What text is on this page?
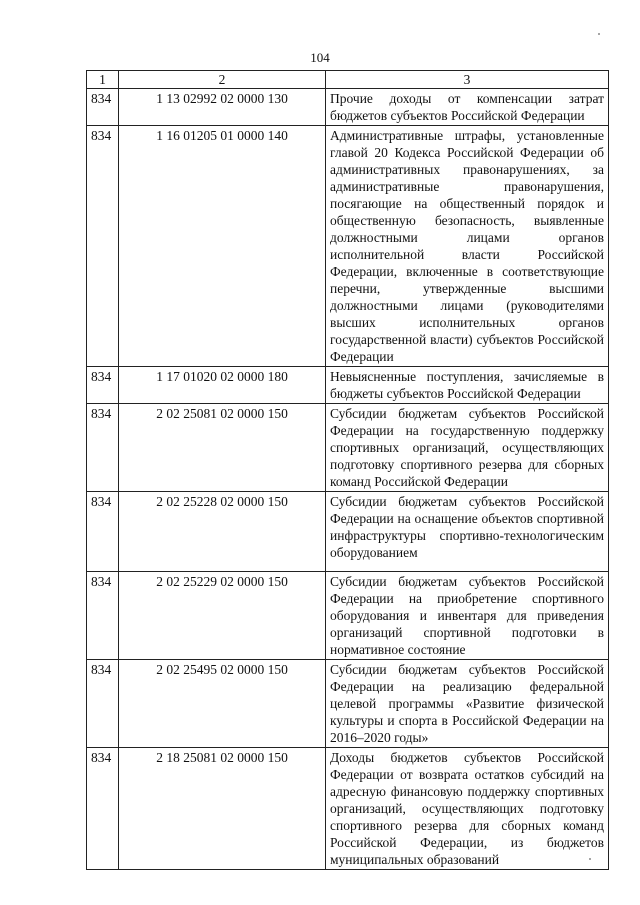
104
1	2	3
834	1 13 02992 02 0000 130	Прочие доходы от компенсации затрат бюджетов субъектов Российской Федерации
834	1 16 01205 01 0000 140	Административные штрафы, установленные главой 20 Кодекса Российской Федерации об административных правонарушениях, за административные правонарушения, посягающие на общественный порядок и общественную безопасность, выявленные должностными лицами органов исполнительной власти Российской Федерации, включенные в соответствующие перечни, утвержденные высшими должностными лицами (руководителями высших исполнительных органов государственной власти) субъектов Российской Федерации
834	1 17 01020 02 0000 180	Невыясненные поступления, зачисляемые в бюджеты субъектов Российской Федерации
834	2 02 25081 02 0000 150	Субсидии бюджетам субъектов Российской Федерации на государственную поддержку спортивных организаций, осуществляющих подготовку спортивного резерва для сборных команд Российской Федерации
834	2 02 25228 02 0000 150	Субсидии бюджетам субъектов Российской Федерации на оснащение объектов спортивной инфраструктуры спортивно-технологическим оборудованием
834	2 02 25229 02 0000 150	Субсидии бюджетам субъектов Российской Федерации на приобретение спортивного оборудования и инвентаря для приведения организаций спортивной подготовки в нормативное состояние
834	2 02 25495 02 0000 150	Субсидии бюджетам субъектов Российской Федерации на реализацию федеральной целевой программы «Развитие физической культуры и спорта в Российской Федерации на 2016–2020 годы»
834	2 18 25081 02 0000 150	Доходы бюджетов субъектов Российской Федерации от возврата остатков субсидий на адресную финансовую поддержку спортивных организаций, осуществляющих подготовку спортивного резерва для сборных команд Российской Федерации, из бюджетов муниципальных образований
